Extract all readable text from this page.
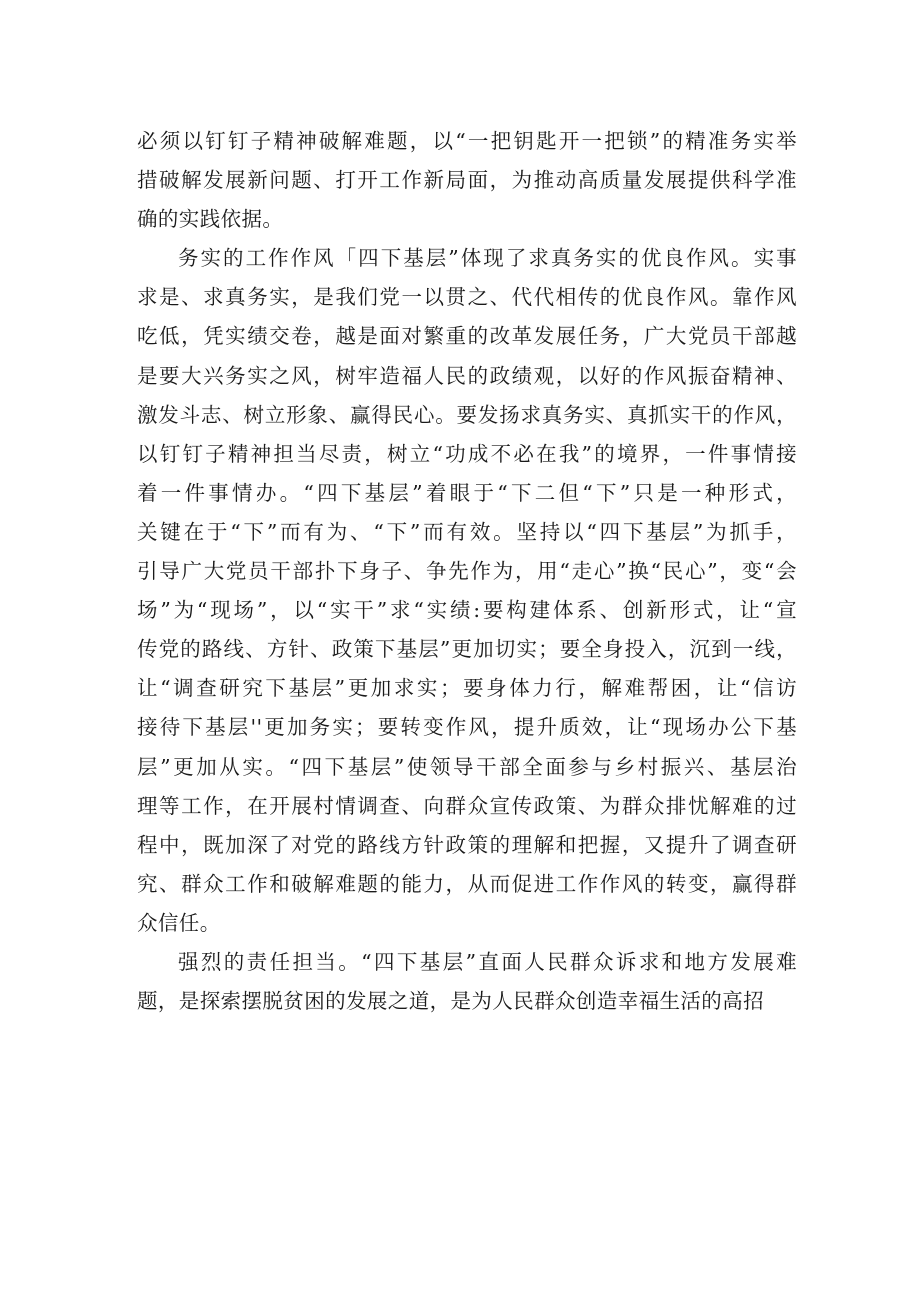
必须以钉钉子精神破解难题，以“一把钥匙开一把锁”的精准务实举
措破解发展新问题、打开工作新局面，为推动高质量发展提供科学准
确的实践依据。
务实的工作作风「四下基层”体现了求真务实的优良作风。实事
求是、求真务实，是我们党一以贯之、代代相传的优良作风。靠作风
吃低，凭实绩交卷，越是面对繁重的改革发展任务，广大党员干部越
是要大兴务实之风，树牢造福人民的政绩观，以好的作风振奋精神、
激发斗志、树立形象、赢得民心。要发扬求真务实、真抓实干的作风，
以钉钉子精神担当尽责，树立“功成不必在我”的境界，一件事情接
着一件事情办。“四下基层”着眼于“下二但“下”只是一种形式，
关键在于“下”而有为、“下”而有效。坚持以“四下基层”为抓手，
引导广大党员干部扑下身子、争先作为，用“走心”换“民心”，变“会
场”为“现场”，以“实干”求“实绩:要构建体系、创新形式，让“宣
传党的路线、方针、政策下基层”更加切实；要全身投入，沉到一线，
让“调查研究下基层”更加求实；要身体力行，解难帮困，让“信访
接待下基层''更加务实；要转变作风，提升质效，让“现场办公下基
层”更加从实。“四下基层”使领导干部全面参与乡村振兴、基层治
理等工作，在开展村情调查、向群众宣传政策、为群众排忧解难的过
程中，既加深了对党的路线方针政策的理解和把握，又提升了调查研
究、群众工作和破解难题的能力，从而促进工作作风的转变，赢得群
众信任。
强烈的责任担当。“四下基层”直面人民群众诉求和地方发展难
题，是探索摆脱贫困的发展之道，是为人民群众创造幸福生活的高招
